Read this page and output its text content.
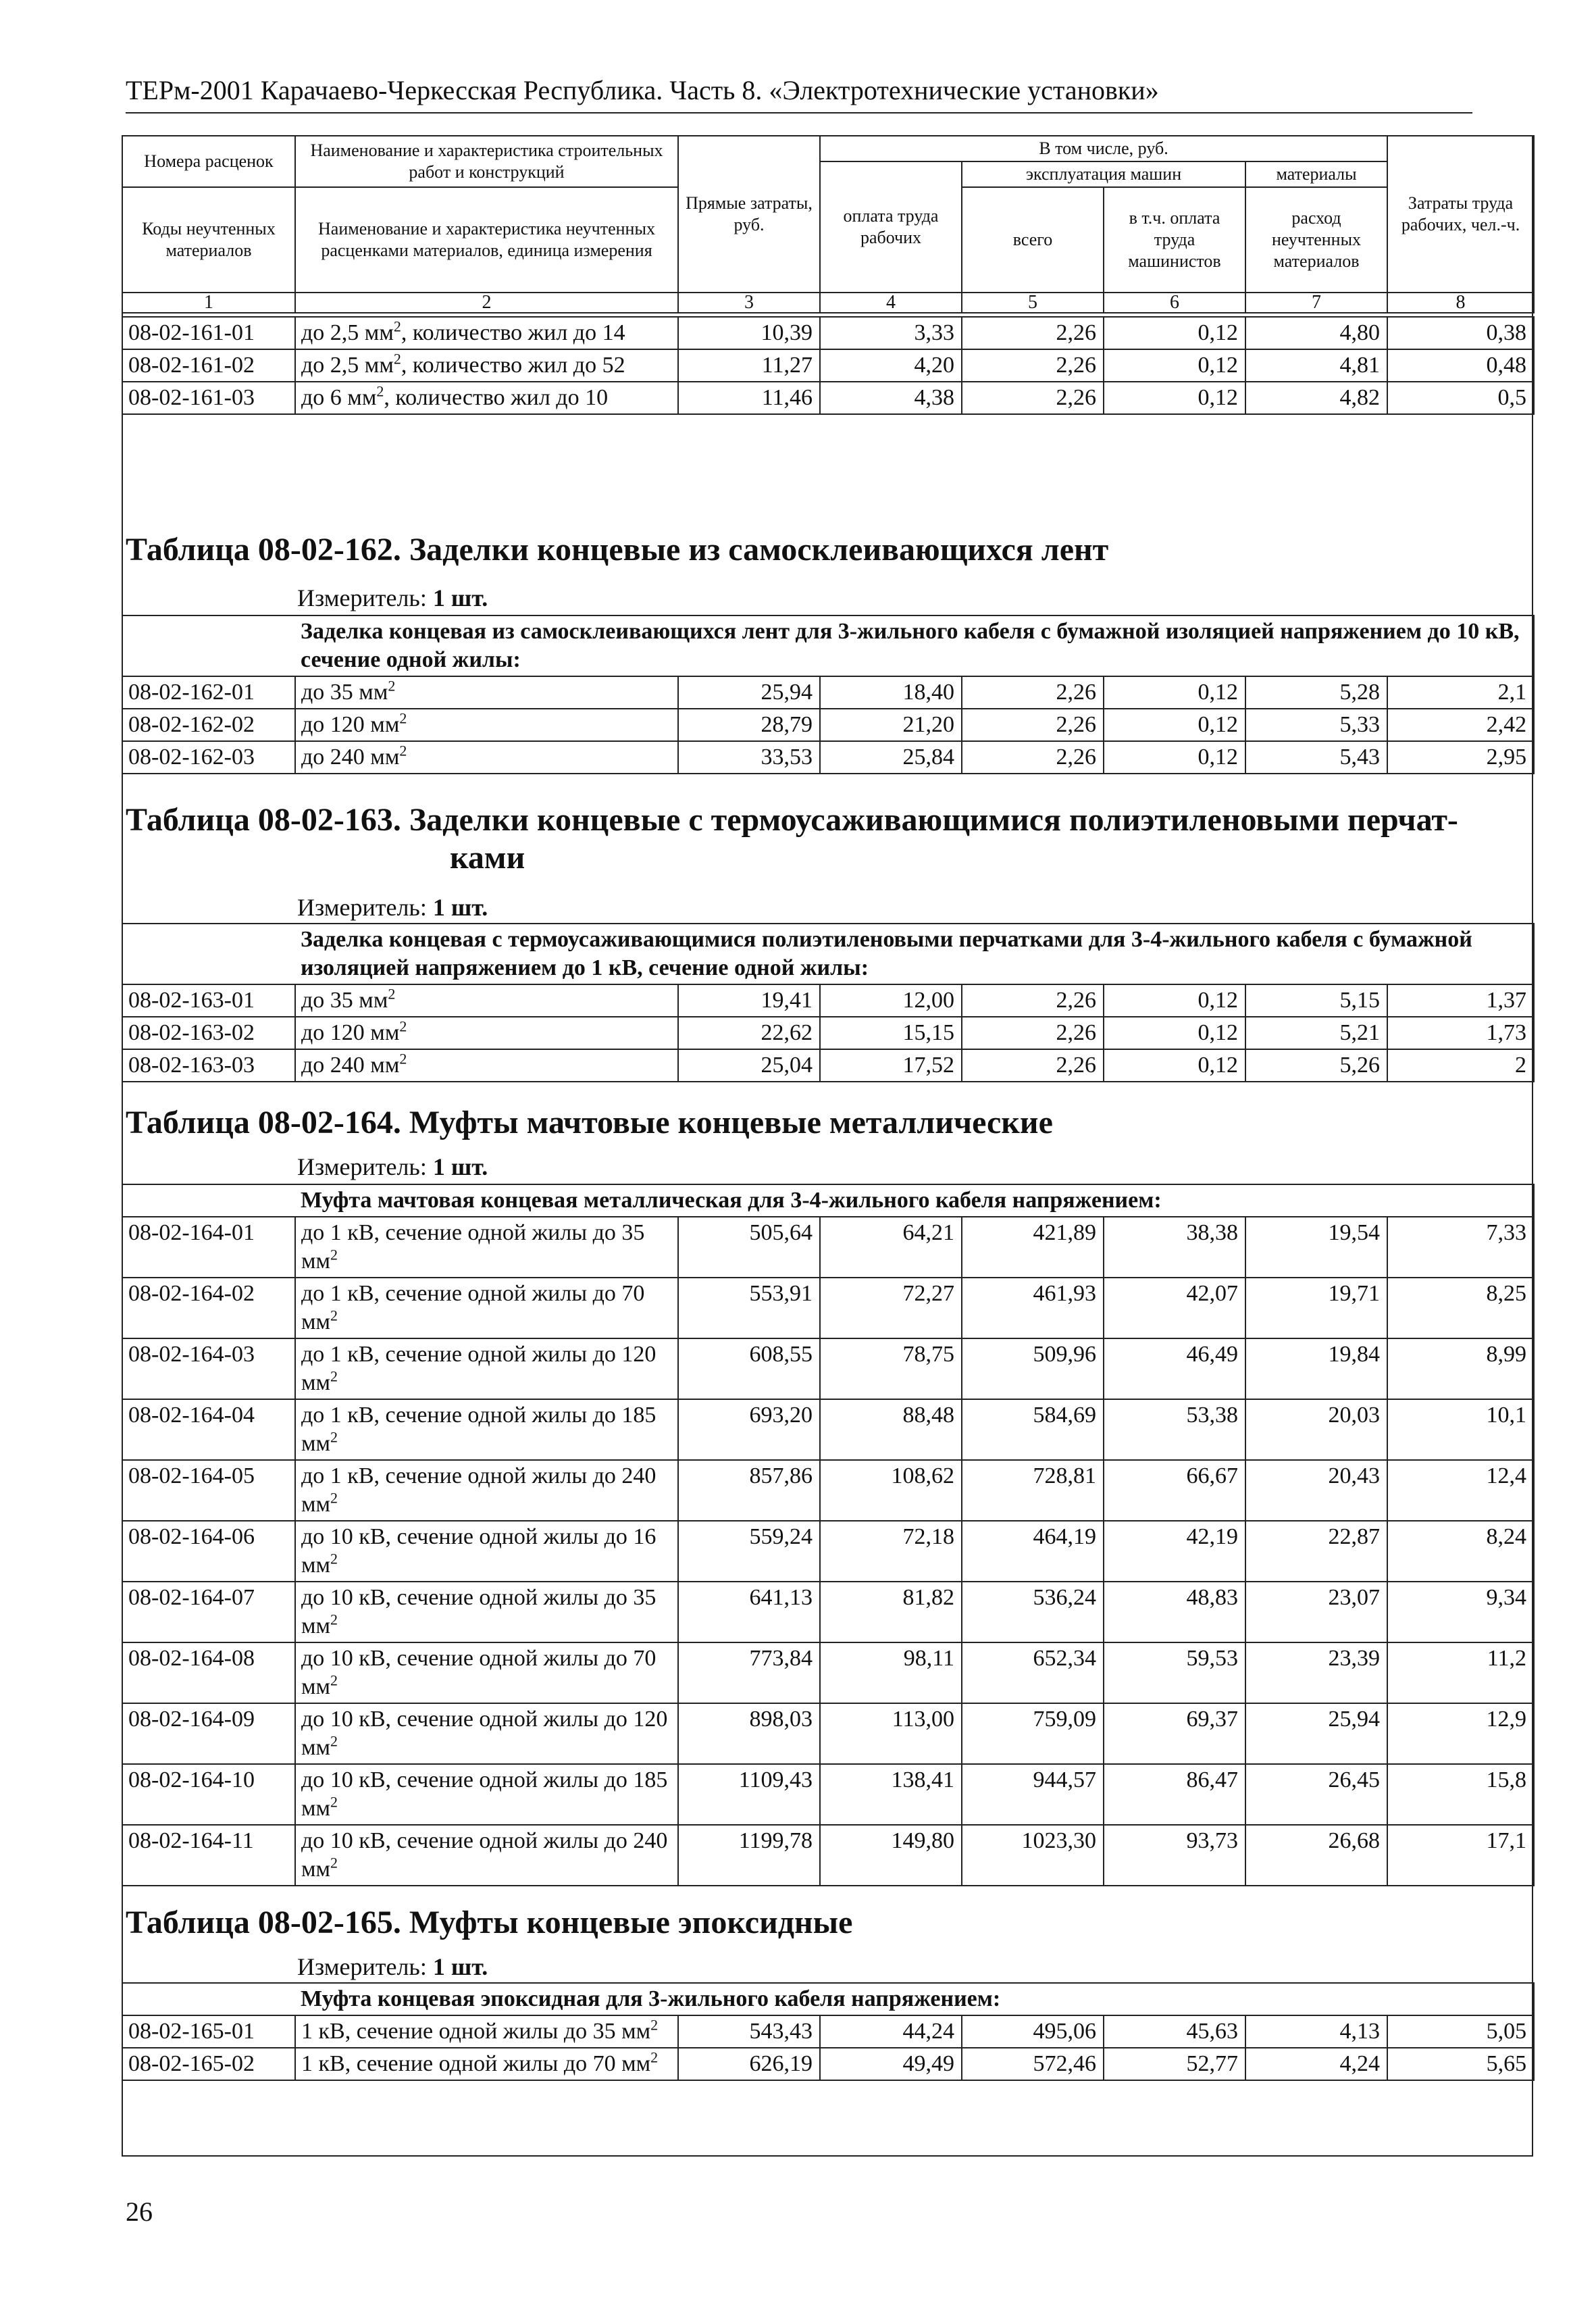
ТЕРм-2001 Карачаево-Черкесская Республика. Часть 8. «Электротехнические установки»
Номера расценок	Наименование и характеристика строительных работ и конструкций	Прямые затраты, руб.	В том числе, руб.				Затраты труда рабочих, чел.-ч.
			оплата труда рабочих	эксплуатация машин		материалы	
Коды неучтенных материалов	Наименование и характеристика неучтенных расценками материалов, единица измерения			всего	в т.ч. оплата труда машинистов	расход неучтенных материалов	

1	2	3	4	5	6	7	8
08-02-161-01	до 2,5 $мм^2$, количество жил до 14	10,39	3,33	2,26	0,12	4,80	0,38
08-02-161-02	до 2,5 $мм^2$, количество жил до 52	11,27	4,20	2,26	0,12	4,81	0,48
08-02-161-03	до 6 $мм^2$, количество жил до 10	11,46	4,38	2,26	0,12	4,82	0,5
Таблица 08-02-162. Заделки концевые из самосклеивающихся лент
Измеритель: 1 шт.
	Заделка концевая из самосклеивающихся лент для 3-жильного кабеля с бумажной изоляцией напряжением до 10 кВ, сечение одной жилы:						
08-02-162-01	до 35 $мм^2$	25,94	18,40	2,26	0,12	5,28	2,1
08-02-162-02	до 120 $мм^2$	28,79	21,20	2,26	0,12	5,33	2,42
08-02-162-03	до 240 $мм^2$	33,53	25,84	2,26	0,12	5,43	2,95
Таблица 08-02-163. Заделки концевые с термоусаживающимися полиэтиленовыми перчат-
ками
Измеритель: 1 шт.
	Заделка концевая с термоусаживающимися полиэтиленовыми перчатками для 3-4-жильного кабеля с бумажной изоляцией напряжением до 1 кВ, сечение одной жилы:						
08-02-163-01	до 35 $мм^2$	19,41	12,00	2,26	0,12	5,15	1,37
08-02-163-02	до 120 $мм^2$	22,62	15,15	2,26	0,12	5,21	1,73
08-02-163-03	до 240 $мм^2$	25,04	17,52	2,26	0,12	5,26	2
Таблица 08-02-164. Муфты мачтовые концевые металлические
Измеритель: 1 шт.
	Муфта мачтовая концевая металлическая для 3-4-жильного кабеля напряжением:						
08-02-164-01	до 1 кВ, сечение одной жилы до 35 $мм^2$	505,64	64,21	421,89	38,38	19,54	7,33
08-02-164-02	до 1 кВ, сечение одной жилы до 70 $мм^2$	553,91	72,27	461,93	42,07	19,71	8,25
08-02-164-03	до 1 кВ, сечение одной жилы до 120 $мм^2$	608,55	78,75	509,96	46,49	19,84	8,99
08-02-164-04	до 1 кВ, сечение одной жилы до 185 $мм^2$	693,20	88,48	584,69	53,38	20,03	10,1
08-02-164-05	до 1 кВ, сечение одной жилы до 240 $мм^2$	857,86	108,62	728,81	66,67	20,43	12,4
08-02-164-06	до 10 кВ, сечение одной жилы до 16 $мм^2$	559,24	72,18	464,19	42,19	22,87	8,24
08-02-164-07	до 10 кВ, сечение одной жилы до 35 $мм^2$	641,13	81,82	536,24	48,83	23,07	9,34
08-02-164-08	до 10 кВ, сечение одной жилы до 70 $мм^2$	773,84	98,11	652,34	59,53	23,39	11,2
08-02-164-09	до 10 кВ, сечение одной жилы до 120 $мм^2$	898,03	113,00	759,09	69,37	25,94	12,9
08-02-164-10	до 10 кВ, сечение одной жилы до 185 $мм^2$	1109,43	138,41	944,57	86,47	26,45	15,8
08-02-164-11	до 10 кВ, сечение одной жилы до 240 $мм^2$	1199,78	149,80	1023,30	93,73	26,68	17,1
Таблица 08-02-165. Муфты концевые эпоксидные
Измеритель: 1 шт.
	Муфта концевая эпоксидная для 3-жильного кабеля напряжением:						
08-02-165-01	1 кВ, сечение одной жилы до 35 $мм^2$	543,43	44,24	495,06	45,63	4,13	5,05
08-02-165-02	1 кВ, сечение одной жилы до 70 $мм^2$	626,19	49,49	572,46	52,77	4,24	5,65
26
